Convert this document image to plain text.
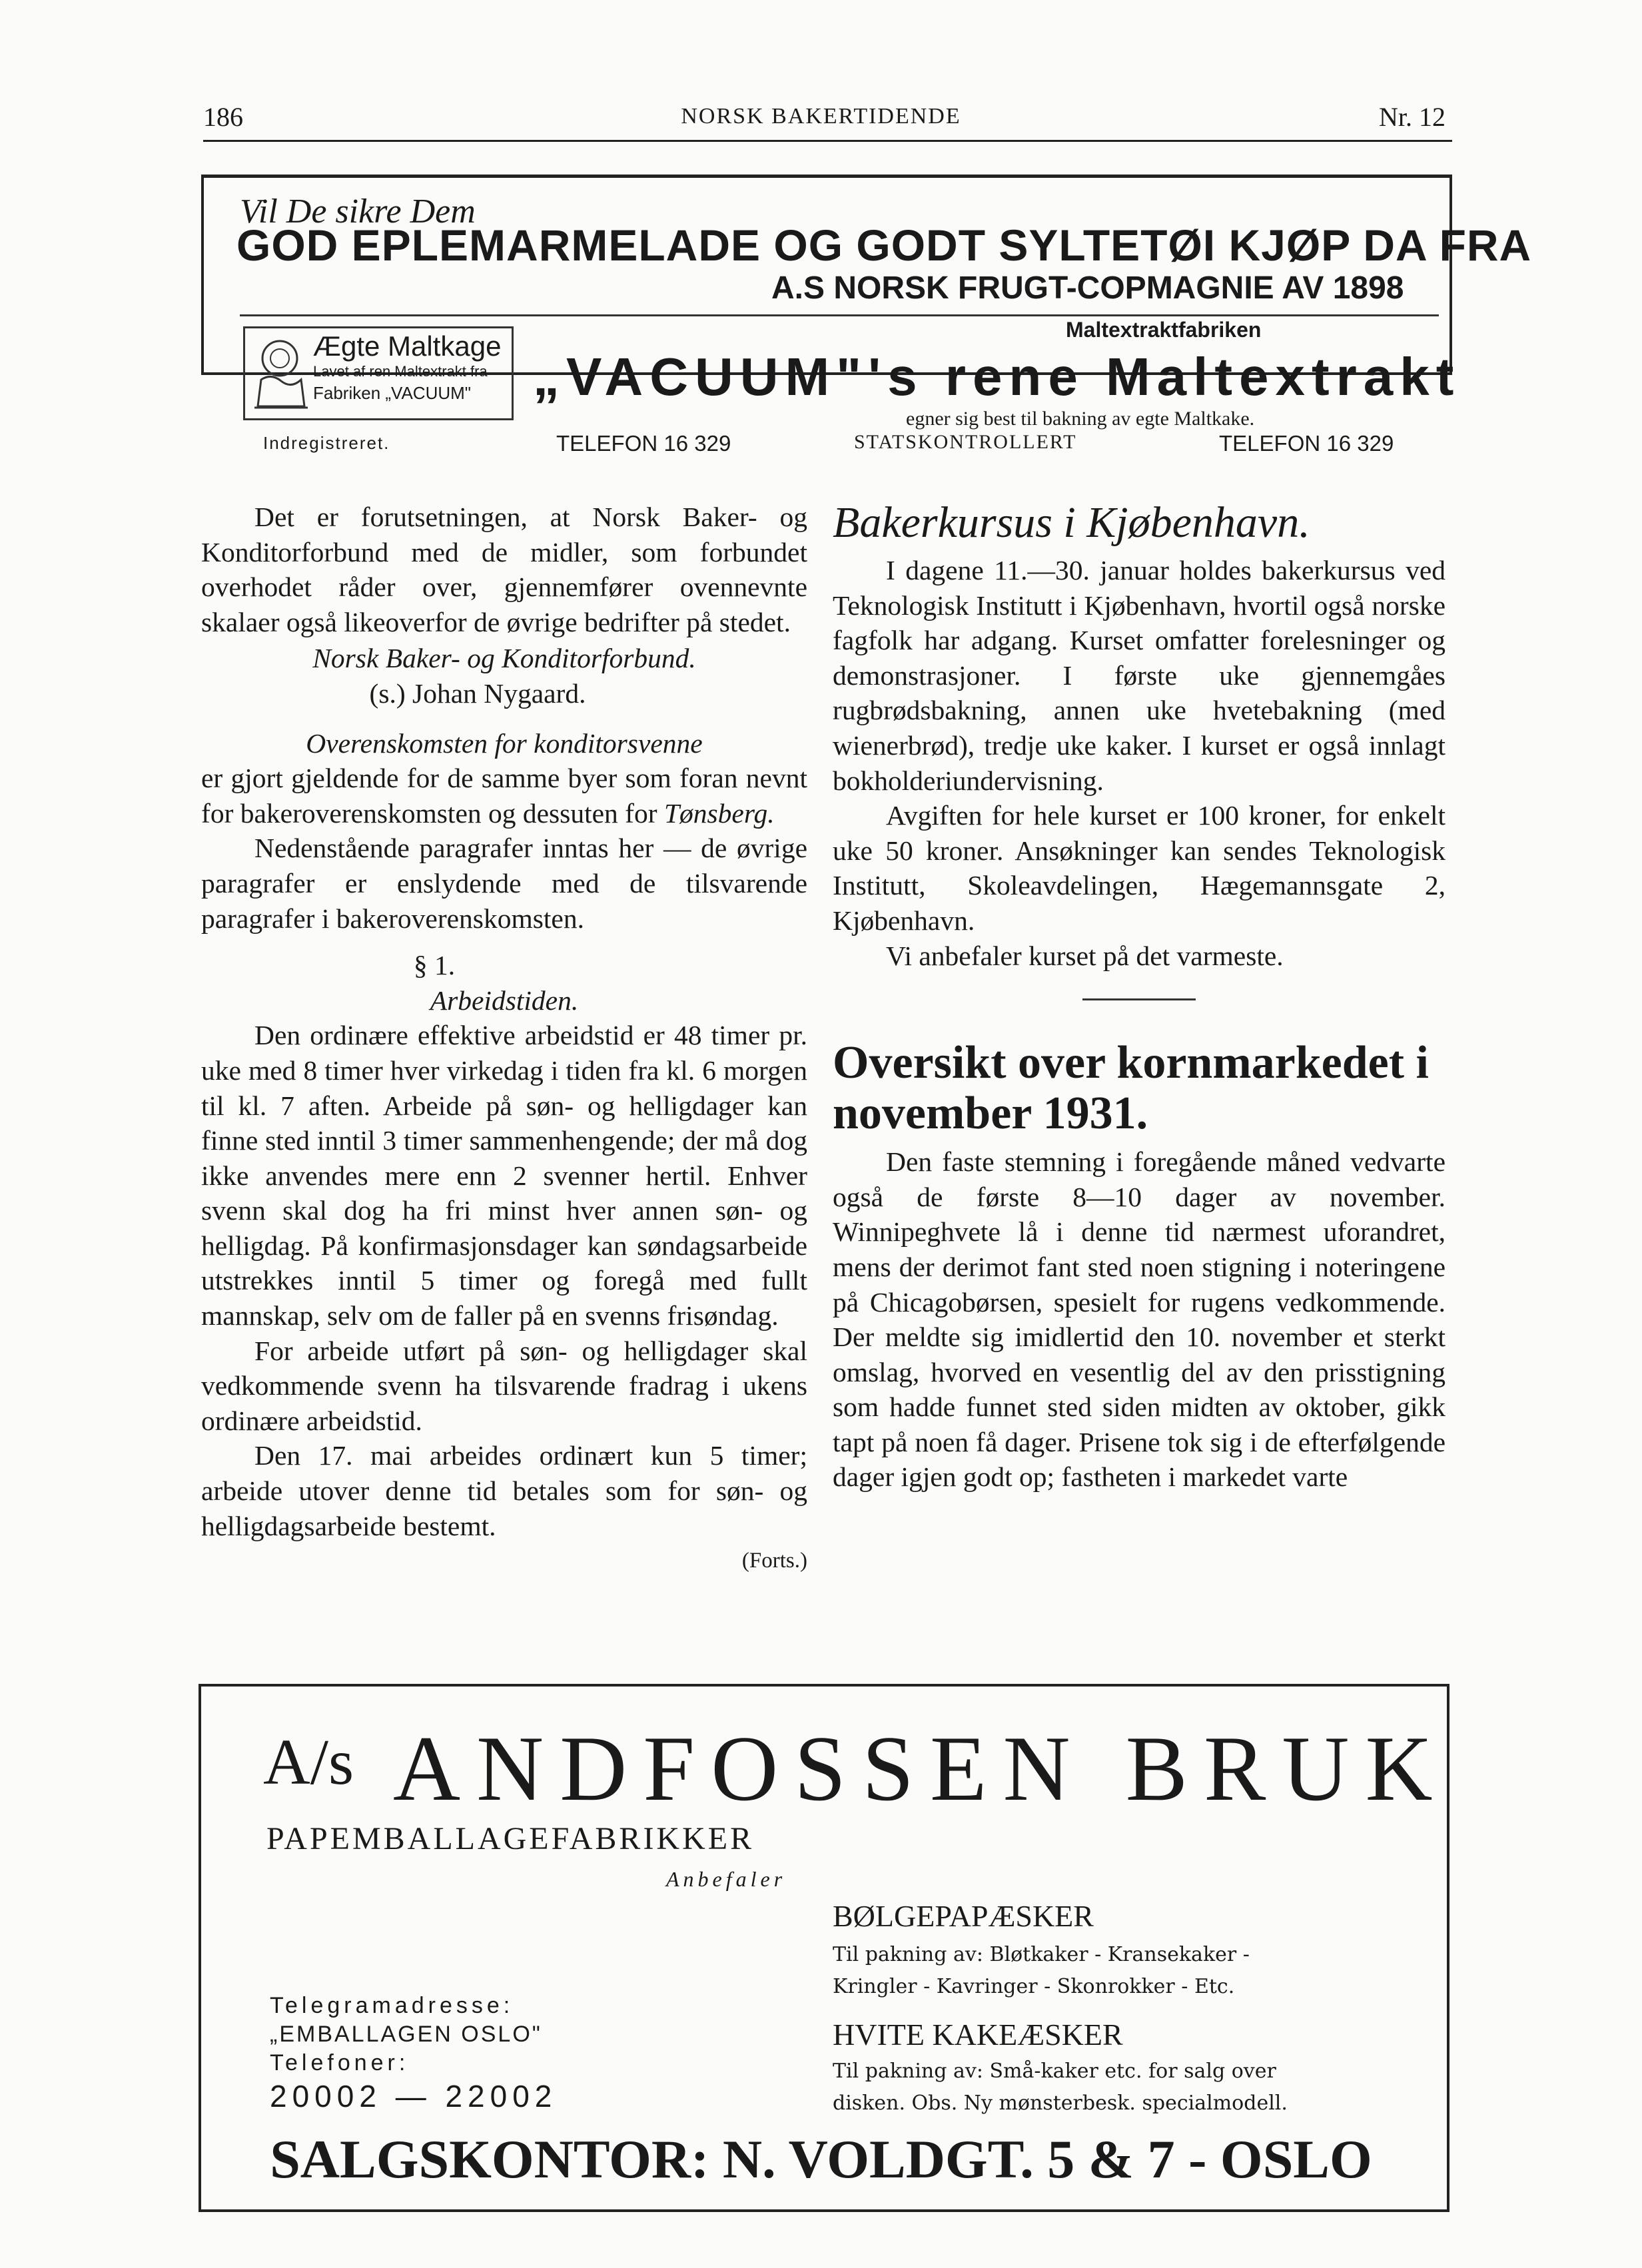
186	NORSK BAKERTIDENDE	Nr. 12
Vil De sikre Dem
GOD EPLEMARMELADE OG GODT SYLTETØI KJØP DA FRA
A.S NORSK FRUGT-COPMAGNIE AV 1898
Ægte Maltkage
Lavet af ren Maltextrakt fra
Fabriken „VACUUM"
Indregistreret.
Maltextraktfabriken
„VACUUM"'s rene Maltextrakt
egner sig best til bakning av egte Maltkake.
TELEFON 16 329	STATSKONTROLLERT	TELEFON 16 329

Det er forutsetningen, at Norsk Baker- og Konditorforbund med de midler, som forbundet overhodet råder over, gjennemfører ovennevnte skalaer også likeoverfor de øvrige bedrifter på stedet.

Norsk Baker- og Konditorforbund.

(s.) Johan Nygaard.

Overenskomsten for konditorsvenne

er gjort gjeldende for de samme byer som foran nevnt for bakeroverenskomsten og dessuten for Tønsberg.

Nedenstående paragrafer inntas her — de øvrige paragrafer er enslydende med de tilsvarende paragrafer i bakeroverenskomsten.

§ 1.

Arbeidstiden.

Den ordinære effektive arbeidstid er 48 timer pr. uke med 8 timer hver virkedag i tiden fra kl. 6 morgen til kl. 7 aften. Arbeide på søn- og helligdager kan finne sted inntil 3 timer sammenhengende; der må dog ikke anvendes mere enn 2 svenner hertil. Enhver svenn skal dog ha fri minst hver annen søn- og helligdag. På konfirmasjonsdager kan søndagsarbeide utstrekkes inntil 5 timer og foregå med fullt mannskap, selv om de faller på en svenns frisøndag.

For arbeide utført på søn- og helligdager skal vedkommende svenn ha tilsvarende fradrag i ukens ordinære arbeidstid.

Den 17. mai arbeides ordinært kun 5 timer; arbeide utover denne tid betales som for søn- og helligdagsarbeide bestemt.

(Forts.)

Bakerkursus i Kjøbenhavn.

I dagene 11.—30. januar holdes bakerkursus ved Teknologisk Institutt i Kjøbenhavn, hvortil også norske fagfolk har adgang. Kurset omfatter forelesninger og demonstrasjoner. I første uke gjennemgåes rugbrødsbakning, annen uke hvetebakning (med wienerbrød), tredje uke kaker. I kurset er også innlagt bokholderiundervisning.

Avgiften for hele kurset er 100 kroner, for enkelt uke 50 kroner. Ansøkninger kan sendes Teknologisk Institutt, Skoleavdelingen, Hægemannsgate 2, Kjøbenhavn.

Vi anbefaler kurset på det varmeste.

Oversikt over kornmarkedet i november 1931.

Den faste stemning i foregående måned vedvarte også de første 8—10 dager av november. Winnipeghvete lå i denne tid nærmest uforandret, mens der derimot fant sted noen stigning i noteringene på Chicagobørsen, spesielt for rugens vedkommende. Der meldte sig imidlertid den 10. november et sterkt omslag, hvorved en vesentlig del av den prisstigning som hadde funnet sted siden midten av oktober, gikk tapt på noen få dager. Prisene tok sig i de efterfølgende dager igjen godt op; fastheten i markedet varte

A/s ANDFOSSEN BRUK
PAPEMBALLAGEFABRIKKER
Anbefaler
BØLGEPAPÆSKER
Til pakning av: Bløtkaker - Kransekaker -
Kringler - Kavringer - Skonrokker - Etc.
HVITE KAKEÆSKER
Til pakning av: Små-kaker etc. for salg over
disken. Obs. Ny mønsterbesk. specialmodell.
Telegramadresse:
„EMBALLAGEN OSLO"
Telefoner:
20002 — 22002
SALGSKONTOR: N. VOLDGT. 5 & 7 - OSLO
